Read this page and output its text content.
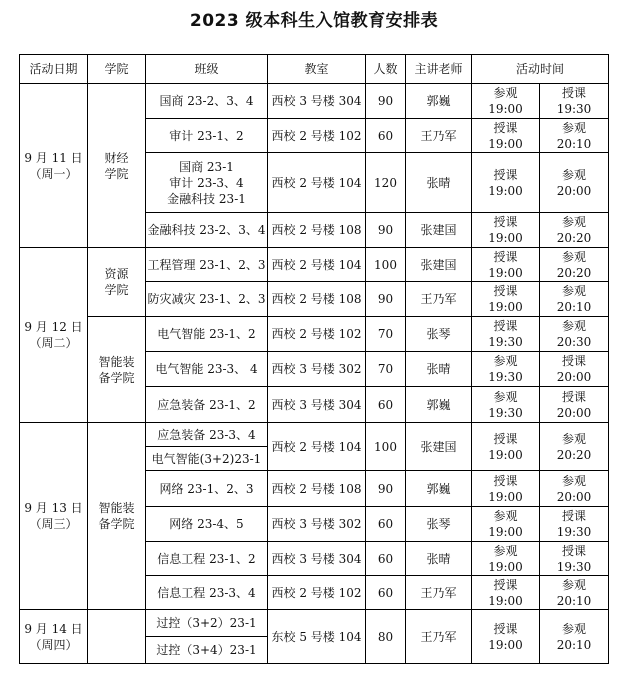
2023 级本科生入馆教育安排表
活动日期	学院	班级	教室	人数	主讲老师	活动时间	
9 月 11 日
（周一）	财经
学院	国商 23-2、3、4	西校 3 号楼 304	90	郭巍	参观
19:00	授课
19:30
		审计 23-1、2	西校 2 号楼 102	60	王乃军	授课
19:00	参观
20:10
		国商 23-1
审计 23-3、4
金融科技 23-1	西校 2 号楼 104	120	张晴	授课
19:00	参观
20:00
		金融科技 23-2、3、4	西校 2 号楼 108	90	张建国	授课
19:00	参观
20:20
9 月 12 日
（周二）	资源
学院	工程管理 23-1、2、3	西校 2 号楼 104	100	张建国	授课
19:00	参观
20:20
		防灾减灾 23-1、2、3	西校 2 号楼 108	90	王乃军	授课
19:00	参观
20:10
	智能装
备学院	电气智能 23-1、2	西校 2 号楼 102	70	张琴	授课
19:30	参观
20:30
		电气智能 23-3、 4	西校 3 号楼 302	70	张晴	参观
19:30	授课
20:00
		应急装备 23-1、2	西校 3 号楼 304	60	郭巍	参观
19:30	授课
20:00
9 月 13 日
（周三）	智能装
备学院	应急装备 23-3、4	西校 2 号楼 104	100	张建国	授课
19:00	参观
20:20
		电气智能(3+2)23-1					
		网络 23-1、2、3	西校 2 号楼 108	90	郭巍	授课
19:00	参观
20:00
		网络 23-4、5	西校 3 号楼 302	60	张琴	参观
19:00	授课
19:30
		信息工程 23-1、2	西校 3 号楼 304	60	张晴	参观
19:00	授课
19:30
		信息工程 23-3、4	西校 2 号楼 102	60	王乃军	授课
19:00	参观
20:10
9 月 14 日
（周四）		过控（3+2）23-1	东校 5 号楼 104	80	王乃军	授课
19:00	参观
20:10
		过控（3+4）23-1					
